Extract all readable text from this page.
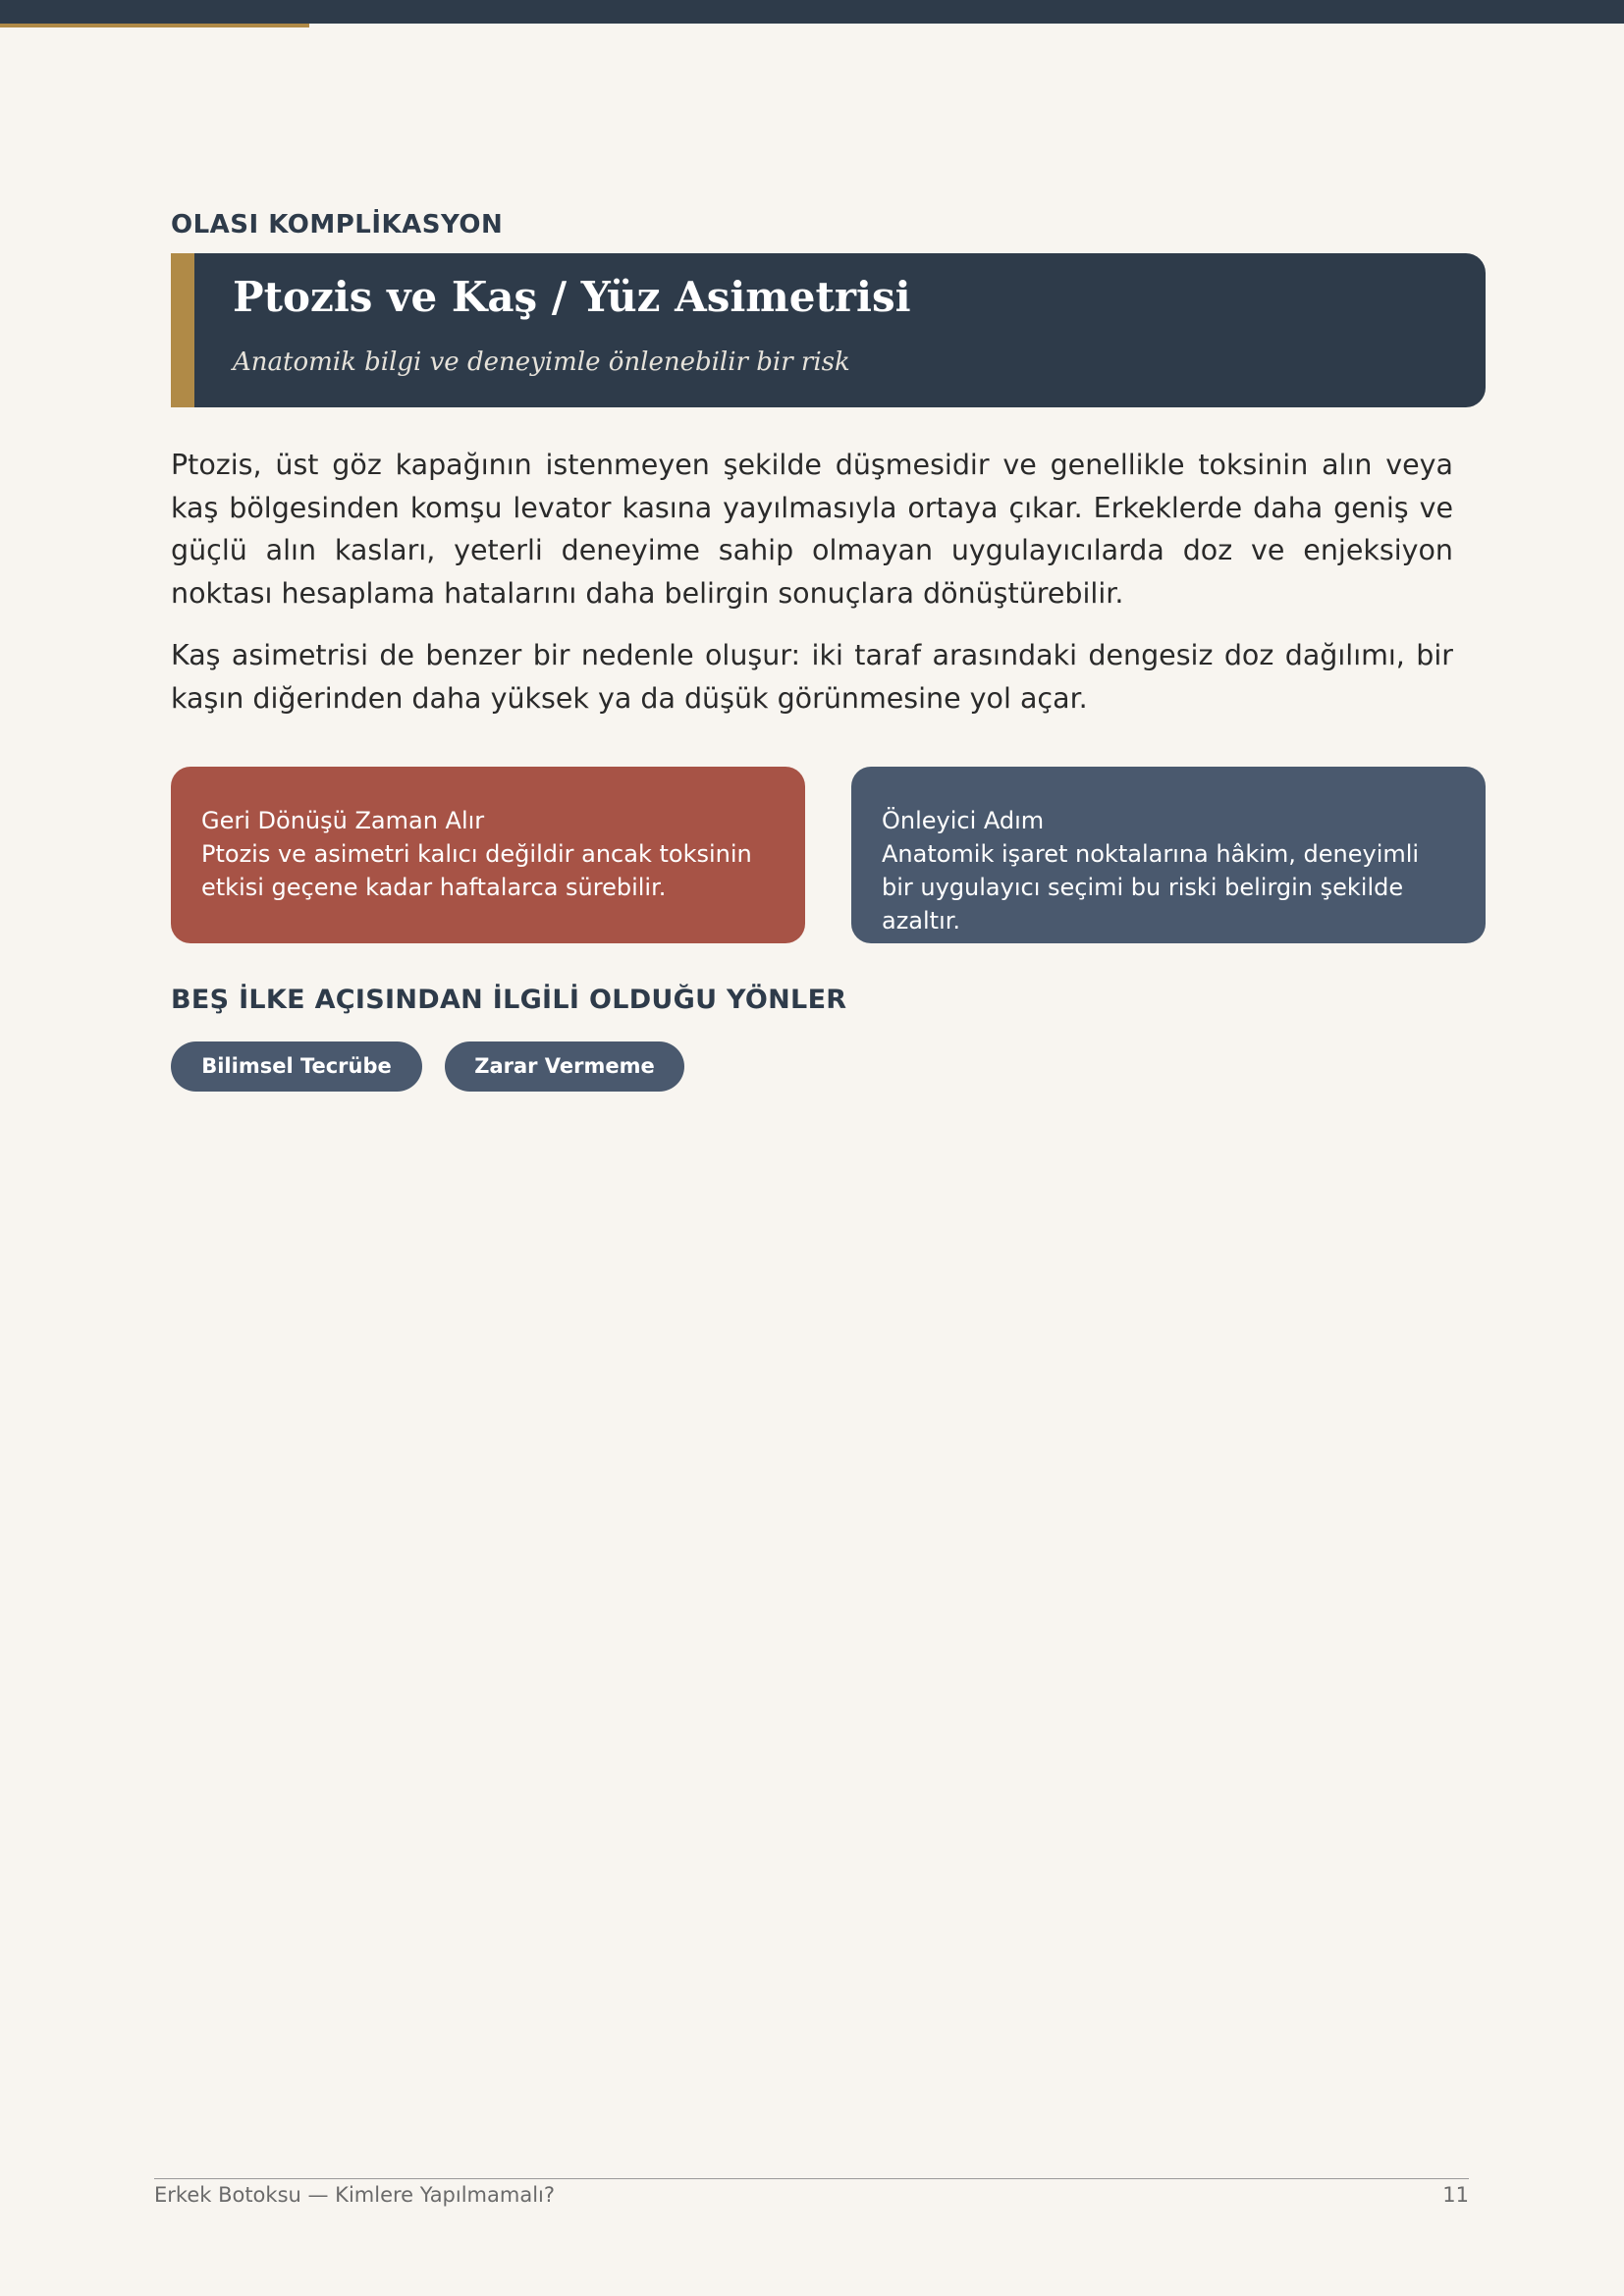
OLASI KOMPLİKASYON
Ptozis ve Kaş / Yüz Asimetrisi

Anatomik bilgi ve deneyimle önlenebilir bir risk

Ptozis, üst göz kapağının istenmeyen şekilde düşmesidir ve genellikle toksinin alın veya kaş bölgesinden komşu levator kasına yayılmasıyla ortaya çıkar. Erkeklerde daha geniş ve güçlü alın kasları, yeterli deneyime sahip olmayan uygulayıcılarda doz ve enjeksiyon noktası hesaplama hatalarını daha belirgin sonuçlara dönüştürebilir.

Kaş asimetrisi de benzer bir nedenle oluşur: iki taraf arasındaki dengesiz doz dağılımı, bir kaşın diğerinden daha yüksek ya da düşük görünmesine yol açar.

Geri Dönüşü Zaman Alır
Ptozis ve asimetri kalıcı değildir ancak toksinin etkisi geçene kadar haftalarca sürebilir.
Önleyici Adım
Anatomik işaret noktalarına hâkim, deneyimli bir uygulayıcı seçimi bu riski belirgin şekilde azaltır.
BEŞ İLKE AÇISINDAN İLGİLİ OLDUĞU YÖNLER
Bilimsel Tecrübe	Zarar Vermeme
Erkek Botoksu — Kimlere Yapılmamalı?	11
